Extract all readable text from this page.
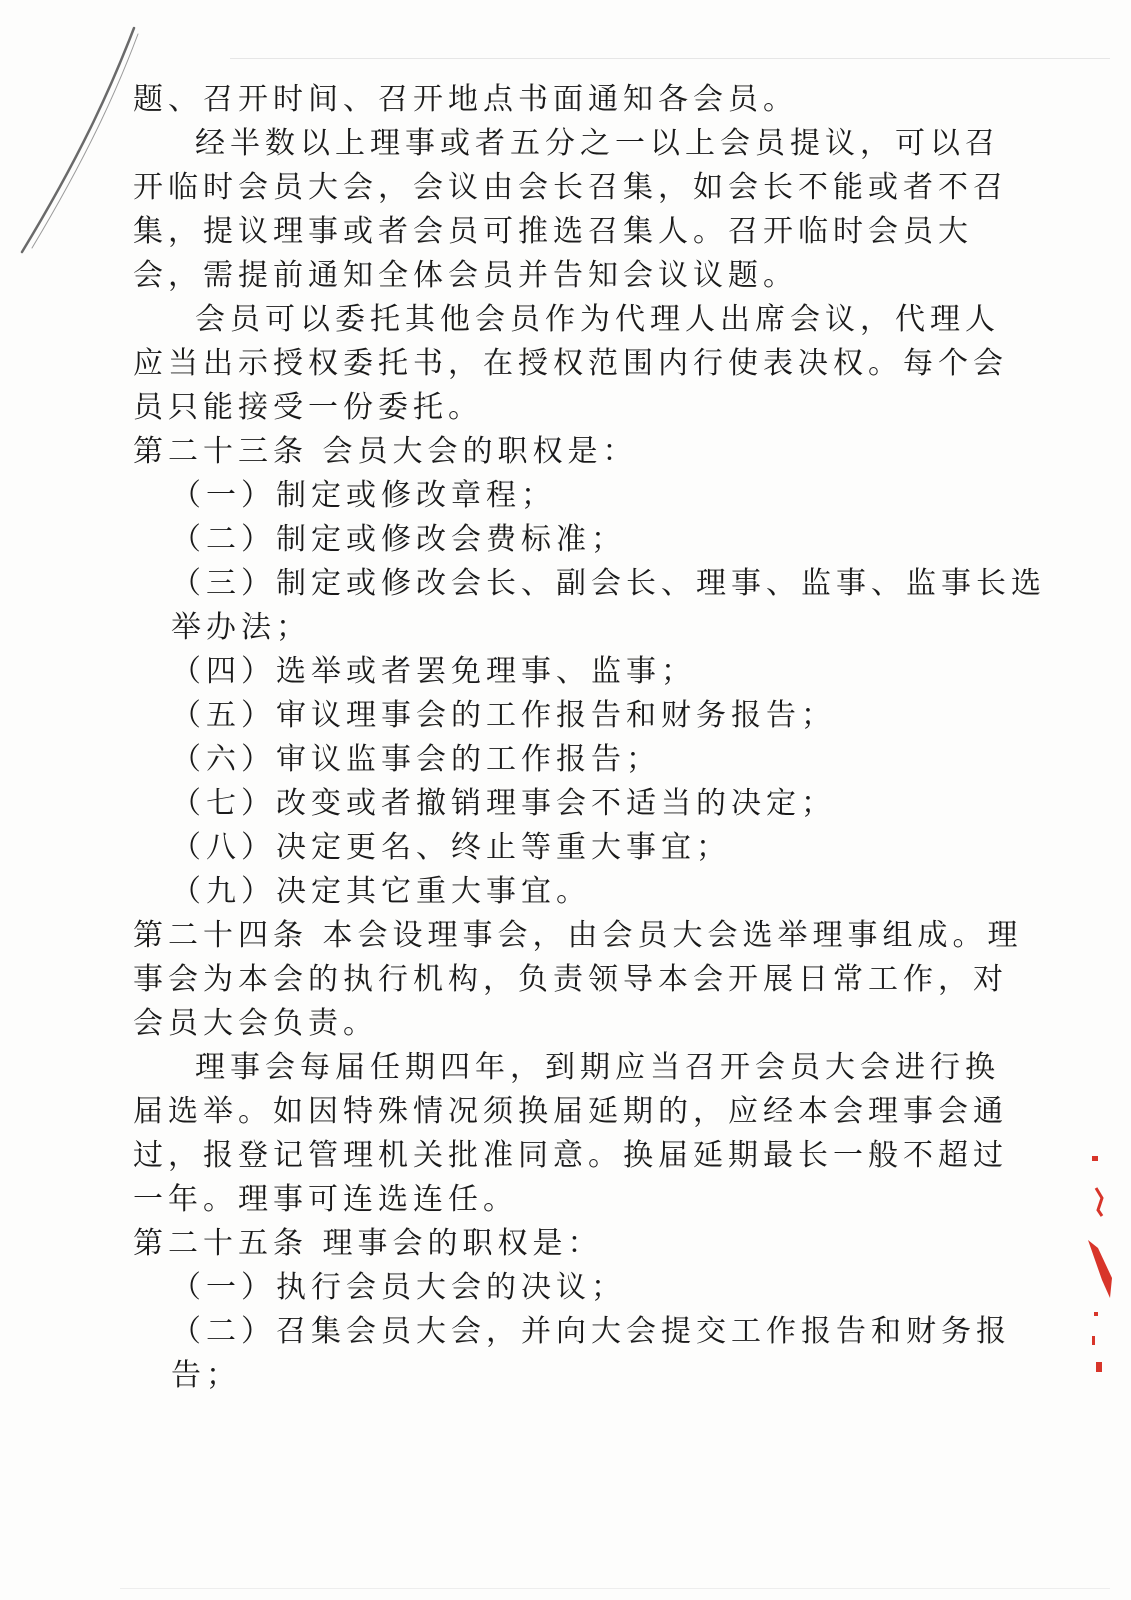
题、召开时间、召开地点书面通知各会员。
经半数以上理事或者五分之一以上会员提议，可以召
开临时会员大会，会议由会长召集，如会长不能或者不召
集，提议理事或者会员可推选召集人。召开临时会员大
会，需提前通知全体会员并告知会议议题。
会员可以委托其他会员作为代理人出席会议，代理人
应当出示授权委托书，在授权范围内行使表决权。每个会
员只能接受一份委托。
第二十三条 会员大会的职权是：
（一）制定或修改章程；
（二）制定或修改会费标准；
（三）制定或修改会长、副会长、理事、监事、监事长选
举办法；
（四）选举或者罢免理事、监事；
（五）审议理事会的工作报告和财务报告；
（六）审议监事会的工作报告；
（七）改变或者撤销理事会不适当的决定；
（八）决定更名、终止等重大事宜；
（九）决定其它重大事宜。
第二十四条 本会设理事会，由会员大会选举理事组成。理
事会为本会的执行机构，负责领导本会开展日常工作，对
会员大会负责。
理事会每届任期四年，到期应当召开会员大会进行换
届选举。如因特殊情况须换届延期的，应经本会理事会通
过，报登记管理机关批准同意。换届延期最长一般不超过
一年。理事可连选连任。
第二十五条 理事会的职权是：
（一）执行会员大会的决议；
（二）召集会员大会，并向大会提交工作报告和财务报
告；
